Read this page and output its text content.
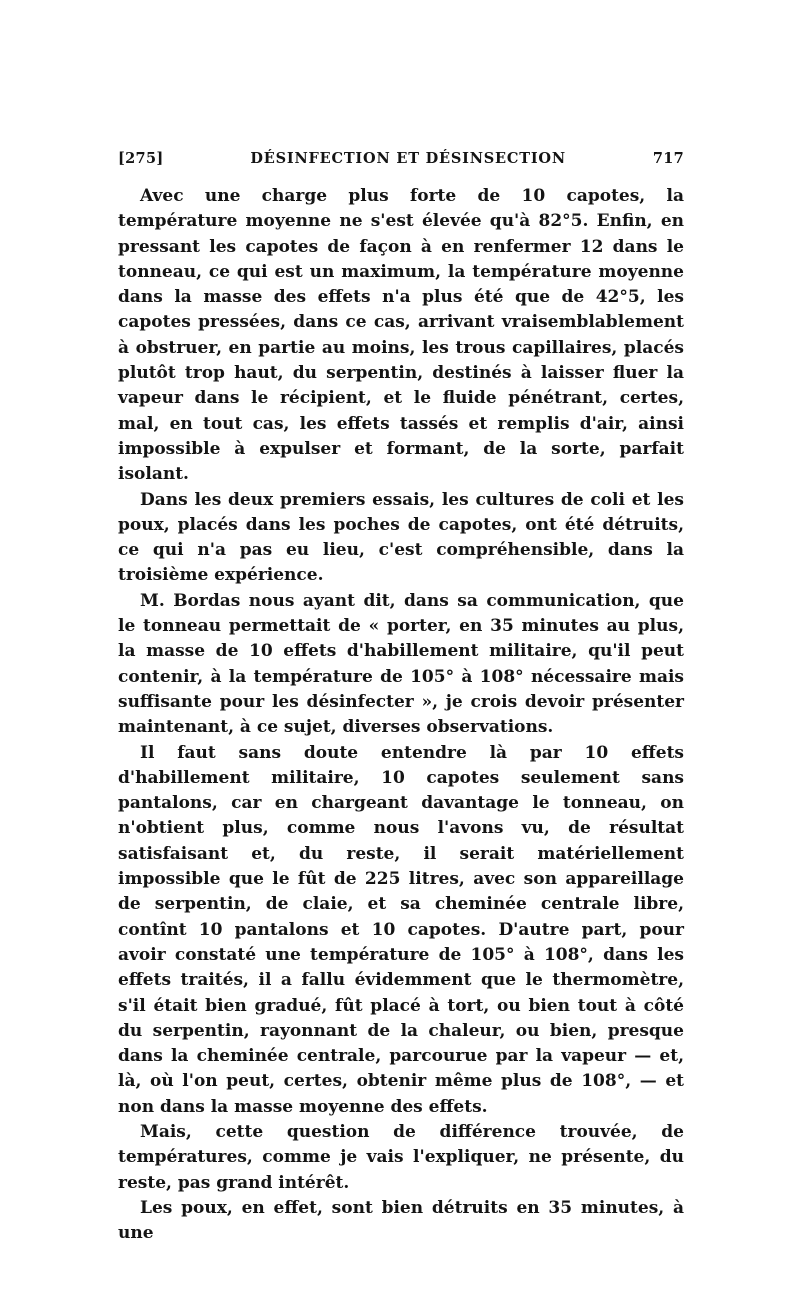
[275]	DÉSINFECTION ET DÉSINSECTION	717

Avec une charge plus forte de 10 capotes, la température moyenne ne s'est élevée qu'à 82°5. Enfin, en pressant les capotes de façon à en renfermer 12 dans le tonneau, ce qui est un maximum, la température moyenne dans la masse des effets n'a plus été que de 42°5, les capotes pressées, dans ce cas, arrivant vraisemblablement à obstruer, en partie au moins, les trous capillaires, placés plutôt trop haut, du serpentin, destinés à laisser fluer la vapeur dans le récipient, et le fluide pénétrant, certes, mal, en tout cas, les effets tassés et remplis d'air, ainsi impossible à expulser et formant, de la sorte, parfait isolant.

Dans les deux premiers essais, les cultures de coli et les poux, placés dans les poches de capotes, ont été détruits, ce qui n'a pas eu lieu, c'est compréhensible, dans la troisième expérience.

M. Bordas nous ayant dit, dans sa communication, que le tonneau permettait de « porter, en 35 minutes au plus, la masse de 10 effets d'habillement militaire, qu'il peut contenir, à la température de 105° à 108° nécessaire mais suffisante pour les désinfecter », je crois devoir présenter maintenant, à ce sujet, diverses observations.

Il faut sans doute entendre là par 10 effets d'habillement militaire, 10 capotes seulement sans pantalons, car en chargeant davantage le tonneau, on n'obtient plus, comme nous l'avons vu, de résultat satisfaisant et, du reste, il serait matériellement impossible que le fût de 225 litres, avec son appareillage de serpentin, de claie, et sa cheminée centrale libre, contînt 10 pantalons et 10 capotes. D'autre part, pour avoir constaté une température de 105° à 108°, dans les effets traités, il a fallu évidemment que le thermomètre, s'il était bien gradué, fût placé à tort, ou bien tout à côté du serpentin, rayonnant de la chaleur, ou bien, presque dans la cheminée centrale, parcourue par la vapeur — et, là, où l'on peut, certes, obtenir même plus de 108°, — et non dans la masse moyenne des effets.

Mais, cette question de différence trouvée, de températures, comme je vais l'expliquer, ne présente, du reste, pas grand intérêt.

Les poux, en effet, sont bien détruits en 35 minutes, à une
